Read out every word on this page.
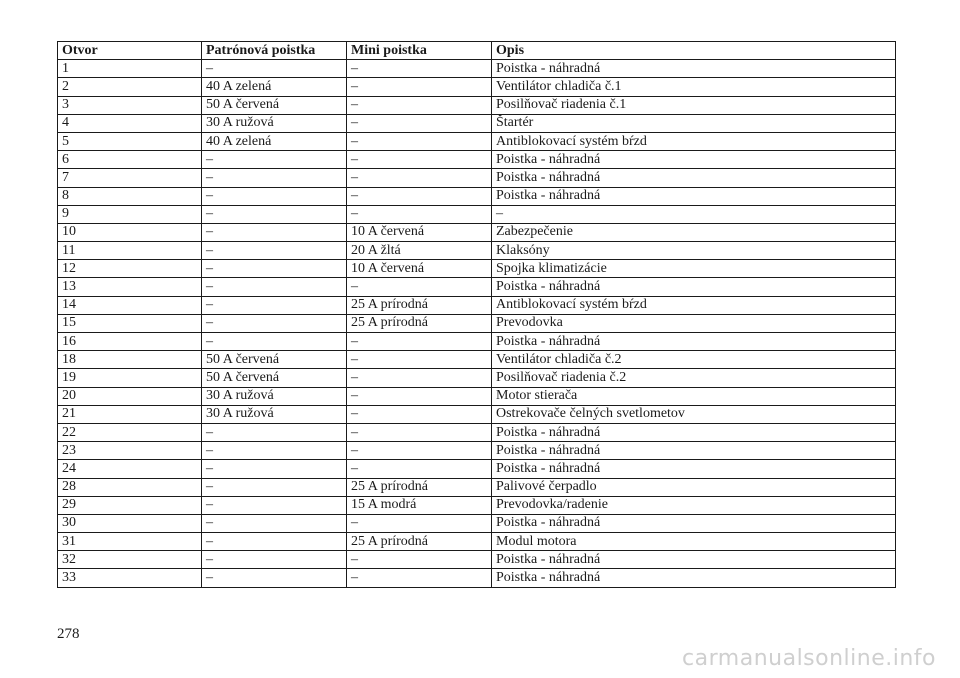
Otvor	Patrónová poistka	Mini poistka	Opis
1	–	–	Poistka - náhradná
2	40 A zelená	–	Ventilátor chladiča č.1
3	50 A červená	–	Posilňovač riadenia č.1
4	30 A ružová	–	Štartér
5	40 A zelená	–	Antiblokovací systém bŕzd
6	–	–	Poistka - náhradná
7	–	–	Poistka - náhradná
8	–	–	Poistka - náhradná
9	–	–	–
10	–	10 A červená	Zabezpečenie
11	–	20 A žltá	Klaksóny
12	–	10 A červená	Spojka klimatizácie
13	–	–	Poistka - náhradná
14	–	25 A prírodná	Antiblokovací systém bŕzd
15	–	25 A prírodná	Prevodovka
16	–	–	Poistka - náhradná
18	50 A červená	–	Ventilátor chladiča č.2
19	50 A červená	–	Posilňovač riadenia č.2
20	30 A ružová	–	Motor stierača
21	30 A ružová	–	Ostrekovače čelných svetlometov
22	–	–	Poistka - náhradná
23	–	–	Poistka - náhradná
24	–	–	Poistka - náhradná
28	–	25 A prírodná	Palivové čerpadlo
29	–	15 A modrá	Prevodovka/radenie
30	–	–	Poistka - náhradná
31	–	25 A prírodná	Modul motora
32	–	–	Poistka - náhradná
33	–	–	Poistka - náhradná
278
carmanualsonline.info
